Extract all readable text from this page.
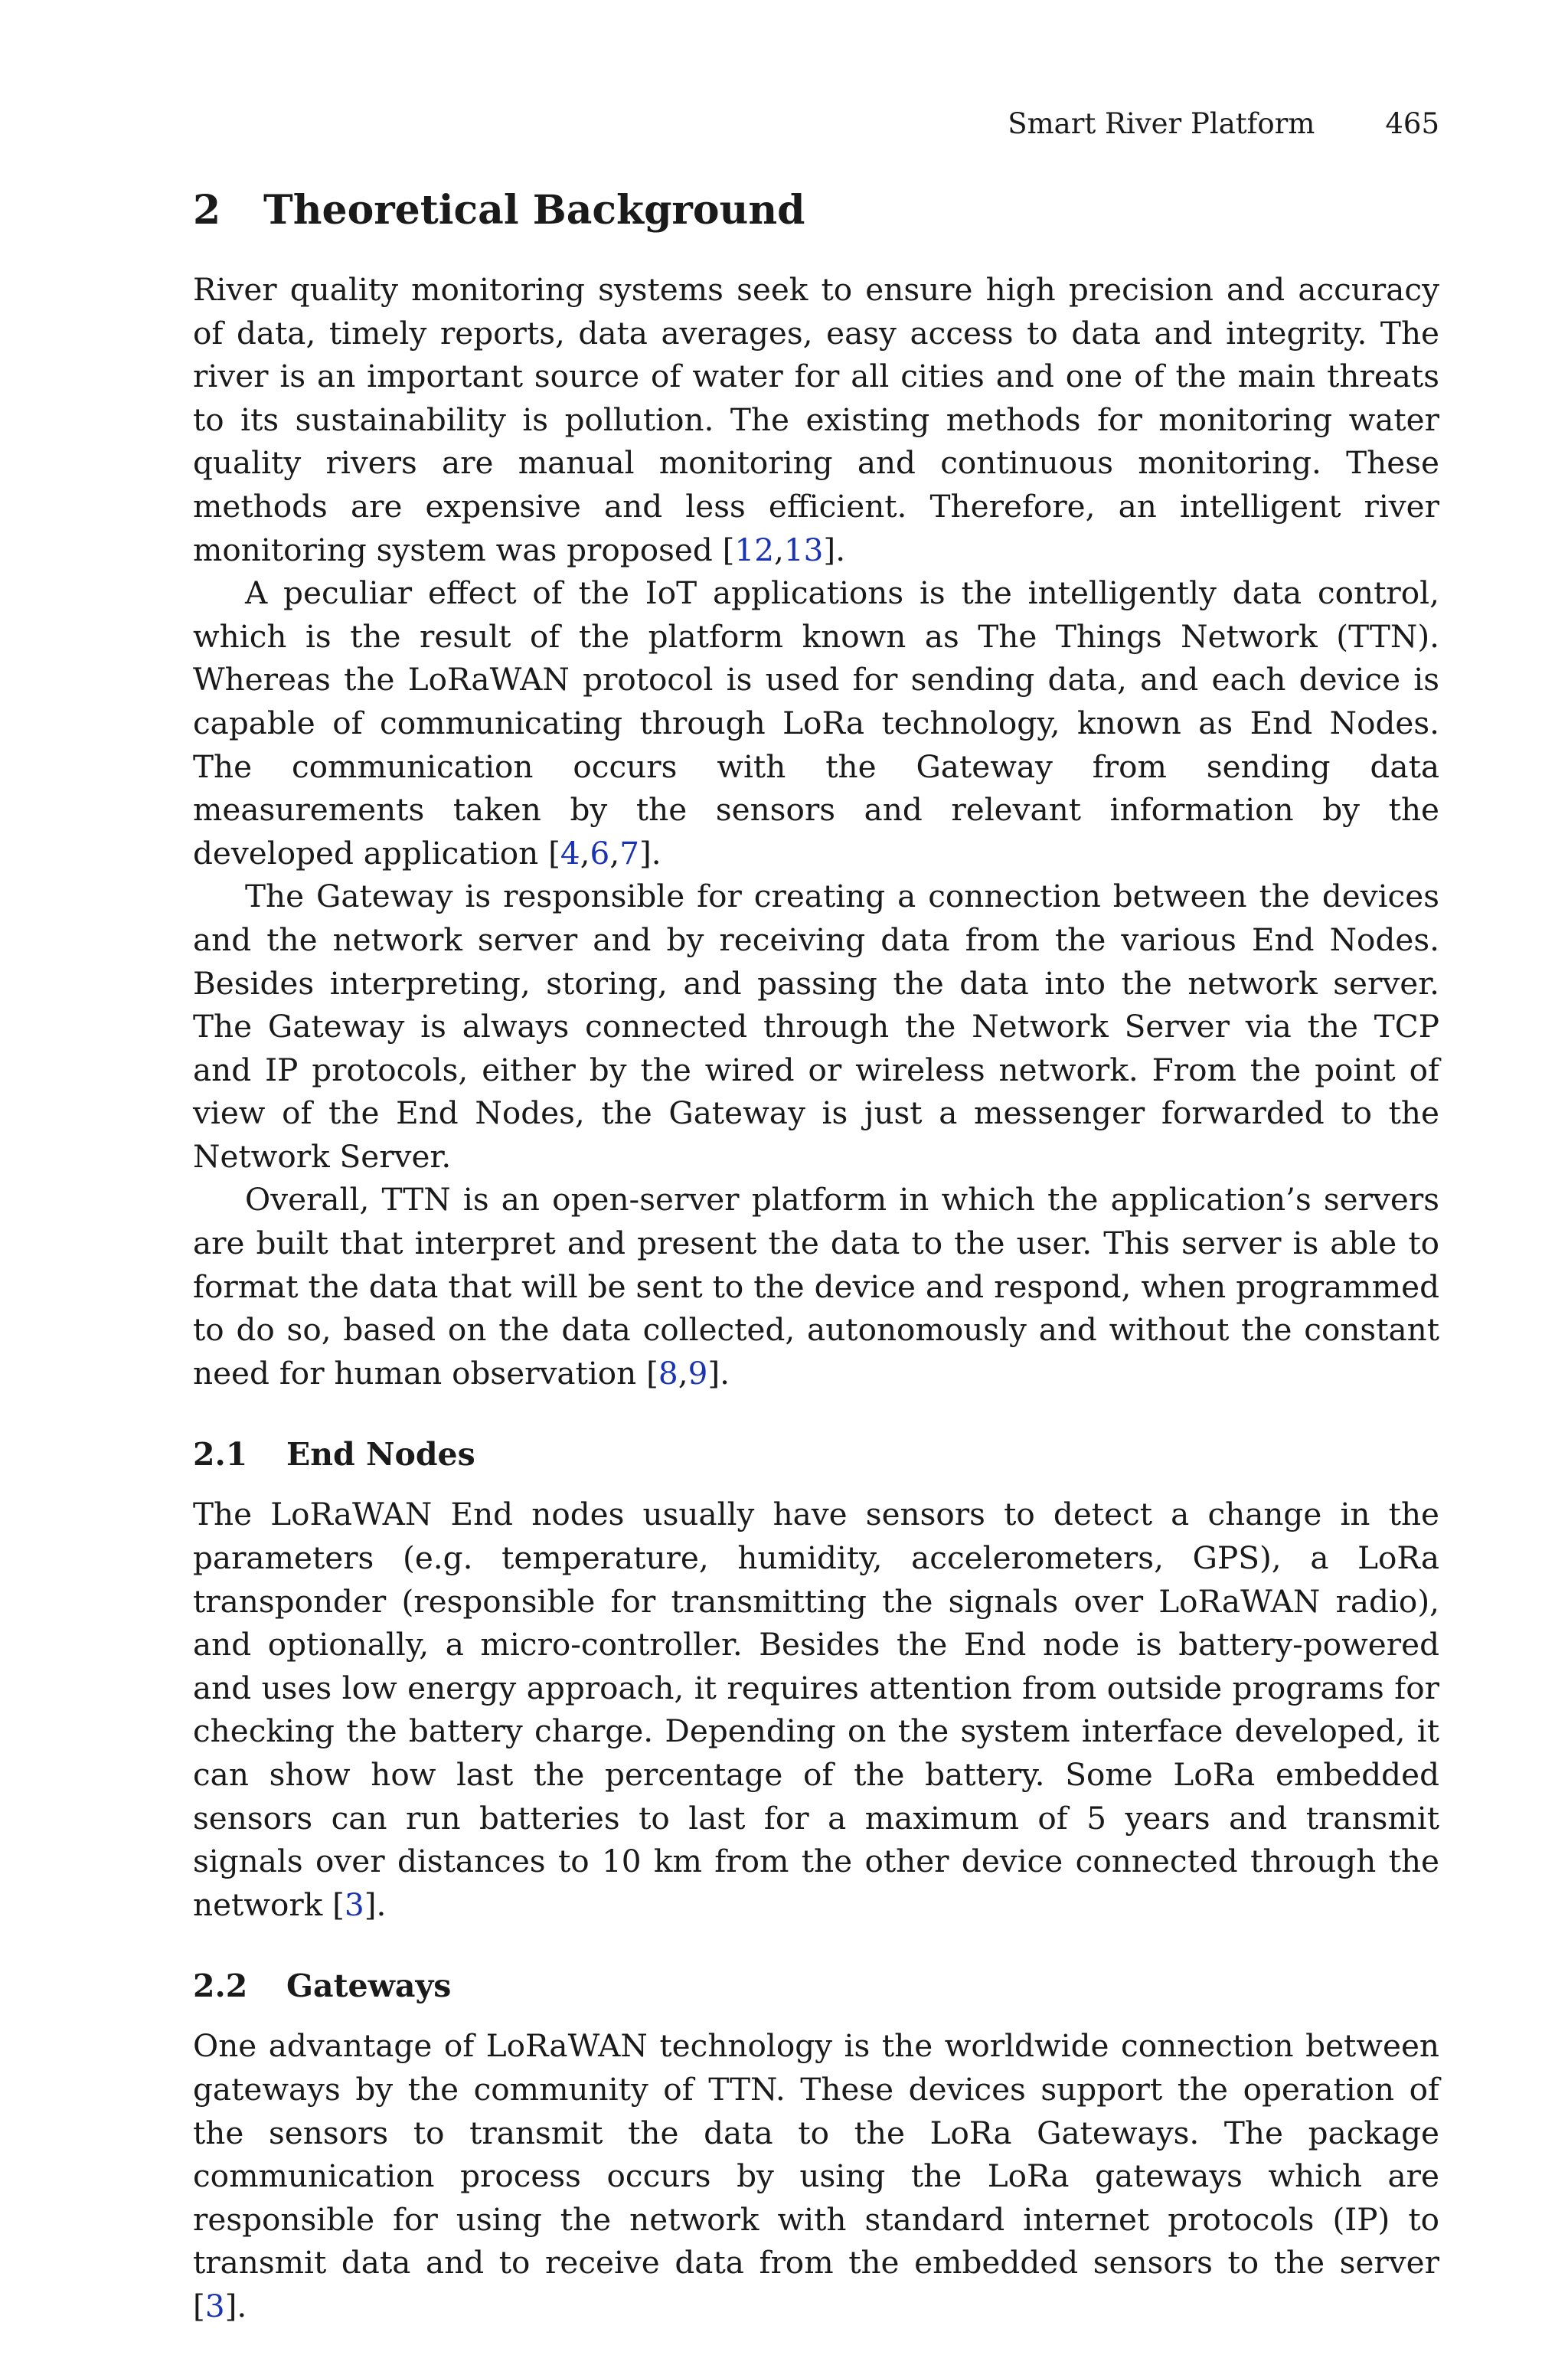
Smart River Platform 465
2 Theoretical Background

River quality monitoring systems seek to ensure high precision and accuracy of data, timely reports, data averages, easy access to data and integrity. The river is an important source of water for all cities and one of the main threats to its sustainability is pollution. The existing methods for monitoring water quality rivers are manual monitoring and continuous monitoring. These methods are expensive and less efficient. Therefore, an intelligent river monitoring system was proposed [12,13].

A peculiar effect of the IoT applications is the intelligently data control, which is the result of the platform known as The Things Network (TTN). Whereas the LoRaWAN protocol is used for sending data, and each device is capable of communicating through LoRa technology, known as End Nodes. The communication occurs with the Gateway from sending data measurements taken by the sensors and relevant information by the developed application [4,6,7].

The Gateway is responsible for creating a connection between the devices and the network server and by receiving data from the various End Nodes. Besides interpreting, storing, and passing the data into the network server. The Gateway is always connected through the Network Server via the TCP and IP protocols, either by the wired or wireless network. From the point of view of the End Nodes, the Gateway is just a messenger forwarded to the Network Server.

Overall, TTN is an open-server platform in which the application’s servers are built that interpret and present the data to the user. This server is able to format the data that will be sent to the device and respond, when programmed to do so, based on the data collected, autonomously and without the constant need for human observation [8,9].

2.1 End Nodes

The LoRaWAN End nodes usually have sensors to detect a change in the parameters (e.g. temperature, humidity, accelerometers, GPS), a LoRa transponder (responsible for transmitting the signals over LoRaWAN radio), and optionally, a micro-controller. Besides the End node is battery-powered and uses low energy approach, it requires attention from outside programs for checking the battery charge. Depending on the system interface developed, it can show how last the percentage of the battery. Some LoRa embedded sensors can run batteries to last for a maximum of 5 years and transmit signals over distances to 10 km from the other device connected through the network [3].

2.2 Gateways

One advantage of LoRaWAN technology is the worldwide connection between gateways by the community of TTN. These devices support the operation of the sensors to transmit the data to the LoRa Gateways. The package communication process occurs by using the LoRa gateways which are responsible for using the network with standard internet protocols (IP) to transmit data and to receive data from the embedded sensors to the server [3].
